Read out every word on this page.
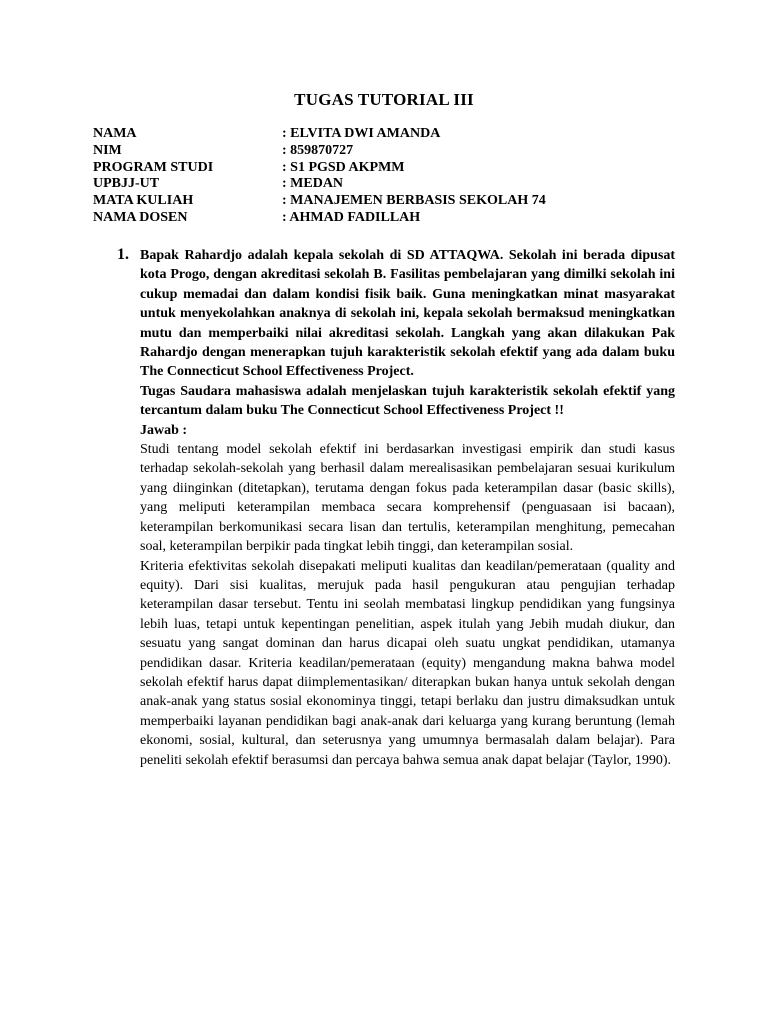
TUGAS TUTORIAL III
NAMA	: ELVITA DWI AMANDA
NIM	: 859870727
PROGRAM STUDI	: S1 PGSD AKPMM
UPBJJ-UT	: MEDAN
MATA KULIAH	: MANAJEMEN BERBASIS SEKOLAH 74
NAMA DOSEN	: AHMAD FADILLAH
1. Bapak Rahardjo adalah kepala sekolah di SD ATTAQWA. Sekolah ini berada dipusat kota Progo, dengan akreditasi sekolah B. Fasilitas pembelajaran yang dimilki sekolah ini cukup memadai dan dalam kondisi fisik baik. Guna meningkatkan minat masyarakat untuk menyekolahkan anaknya di sekolah ini, kepala sekolah bermaksud meningkatkan mutu dan memperbaiki nilai akreditasi sekolah. Langkah yang akan dilakukan Pak Rahardjo dengan menerapkan tujuh karakteristik sekolah efektif yang ada dalam buku The Connecticut School Effectiveness Project.

Tugas Saudara mahasiswa adalah menjelaskan tujuh karakteristik sekolah efektif yang tercantum dalam buku The Connecticut School Effectiveness Project !!

Jawab :

Studi tentang model sekolah efektif ini berdasarkan investigasi empirik dan studi kasus terhadap sekolah-sekolah yang berhasil dalam merealisasikan pembelajaran sesuai kurikulum yang diinginkan (ditetapkan), terutama dengan fokus pada keterampilan dasar (basic skills), yang meliputi keterampilan membaca secara komprehensif (penguasaan isi bacaan), keterampilan berkomunikasi secara lisan dan tertulis, keterampilan menghitung, pemecahan soal, keterampilan berpikir pada tingkat lebih tinggi, dan keterampilan sosial.

Kriteria efektivitas sekolah disepakati meliputi kualitas dan keadilan/pemerataan (quality and equity). Dari sisi kualitas, merujuk pada hasil pengukuran atau pengujian terhadap keterampilan dasar tersebut. Tentu ini seolah membatasi lingkup pendidikan yang fungsinya lebih luas, tetapi untuk kepentingan penelitian, aspek itulah yang Jebih mudah diukur, dan sesuatu yang sangat dominan dan harus dicapai oleh suatu ungkat pendidikan, utamanya pendidikan dasar. Kriteria keadilan/pemerataan (equity) mengandung makna bahwa model sekolah efektif harus dapat diimplementasikan/ diterapkan bukan hanya untuk sekolah dengan anak-anak yang status sosial ekonominya tinggi, tetapi berlaku dan justru dimaksudkan untuk memperbaiki layanan pendidikan bagi anak-anak dari keluarga yang kurang beruntung (lemah ekonomi, sosial, kultural, dan seterusnya yang umumnya bermasalah dalam belajar). Para peneliti sekolah efektif berasumsi dan percaya bahwa semua anak dapat belajar (Taylor, 1990).
